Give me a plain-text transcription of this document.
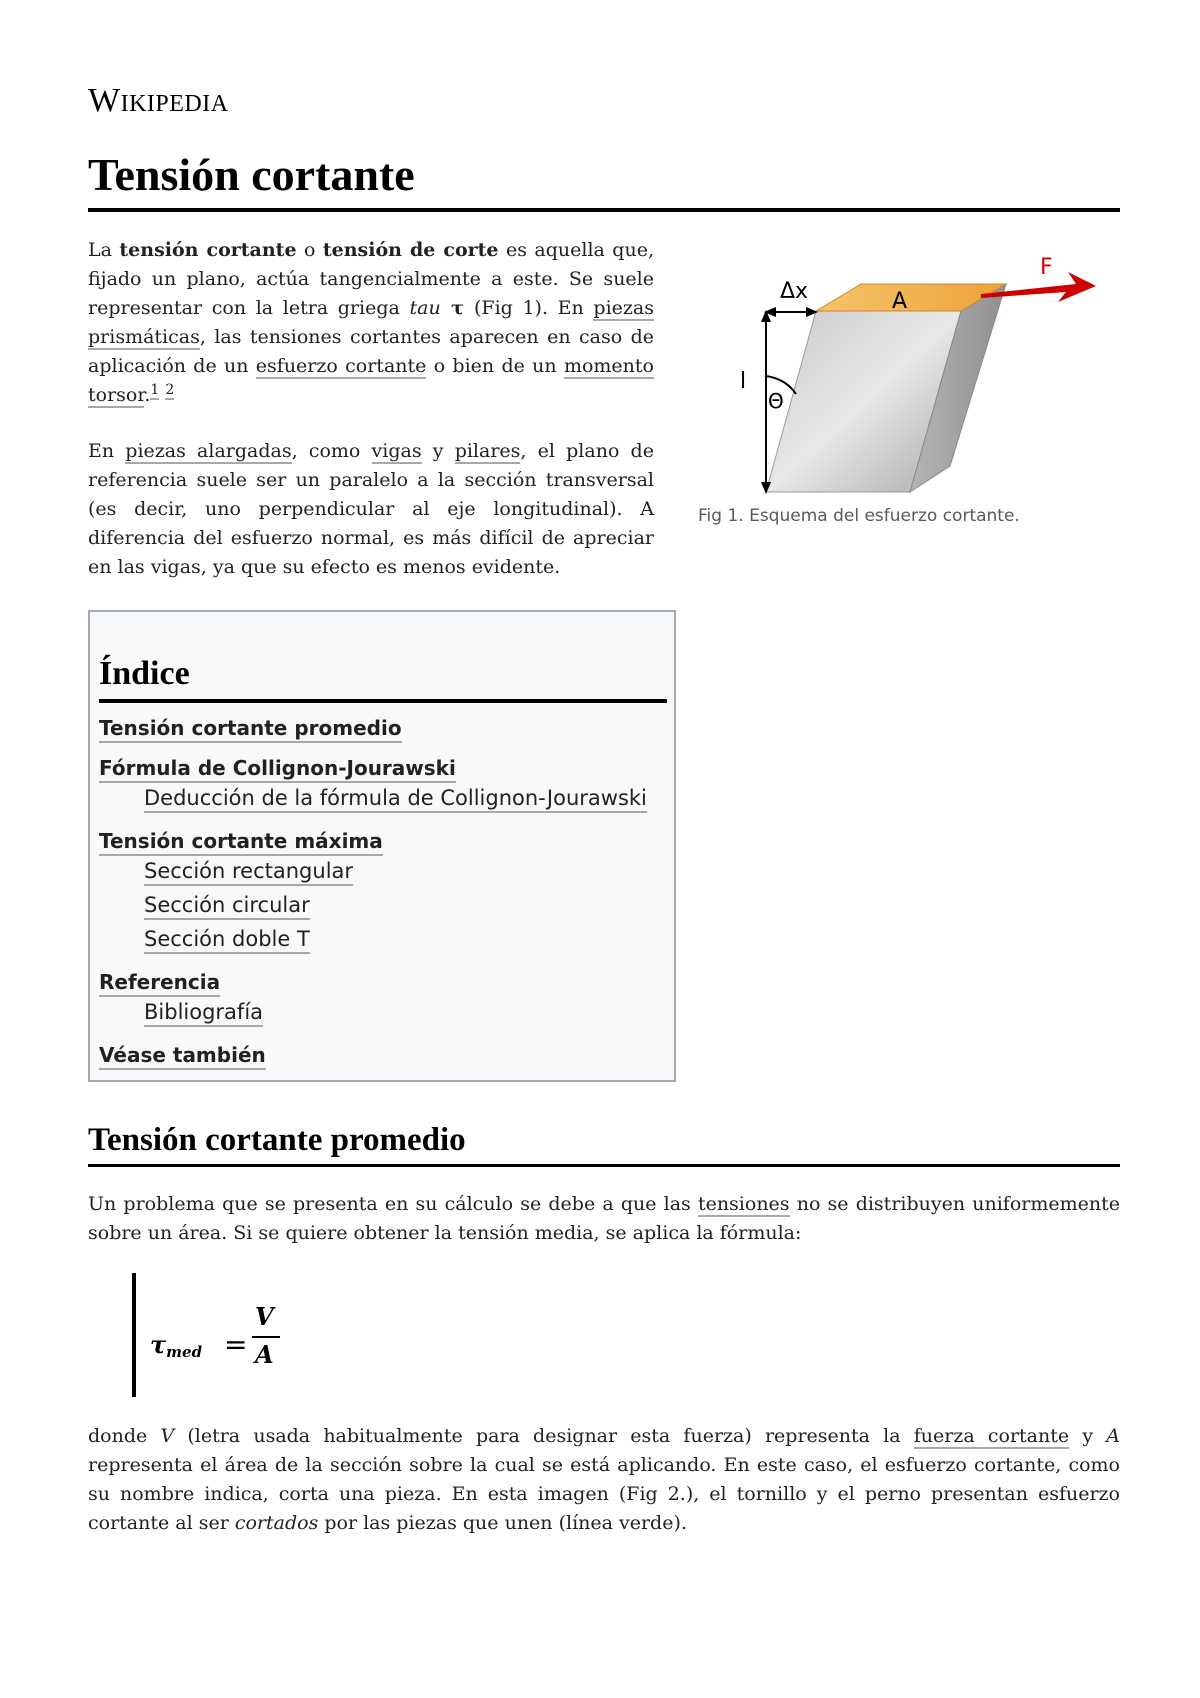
Wikipedia
Tensión cortante

La tensión cortante o tensión de corte es aquella que, fijado un plano, actúa tangencialmente a este. Se suele representar con la letra griega tau τ (Fig 1). En piezas prismáticas, las tensiones cortantes aparecen en caso de aplicación de un esfuerzo cortante o bien de un momento torsor.$^1$ $^2$

En piezas alargadas, como vigas y pilares, el plano de referencia suele ser un paralelo a la sección transversal (es decir, uno perpendicular al eje longitudinal). A diferencia del esfuerzo normal, es más difícil de apreciar en las vigas, ya que su efecto es menos evidente.

Δx	A
F
l
Θ
Fig 1. Esquema del esfuerzo cortante.
Índice
Tensión cortante promedio
Fórmula de Collignon-Jourawski
Deducción de la fórmula de Collignon-Jourawski
Tensión cortante máxima
Sección rectangular
Sección circular
Sección doble T
Referencia
Bibliografía
Véase también
Tensión cortante promedio

Un problema que se presenta en su cálculo se debe a que las tensiones no se distribuyen uniformemente sobre un área. Si se quiere obtener la tensión media, se aplica la fórmula:

$\tau_{med}$ =
V
A

donde V (letra usada habitualmente para designar esta fuerza) representa la fuerza cortante y A representa el área de la sección sobre la cual se está aplicando. En este caso, el esfuerzo cortante, como su nombre indica, corta una pieza. En esta imagen (Fig 2.), el tornillo y el perno presentan esfuerzo cortante al ser cortados por las piezas que unen (línea verde).
